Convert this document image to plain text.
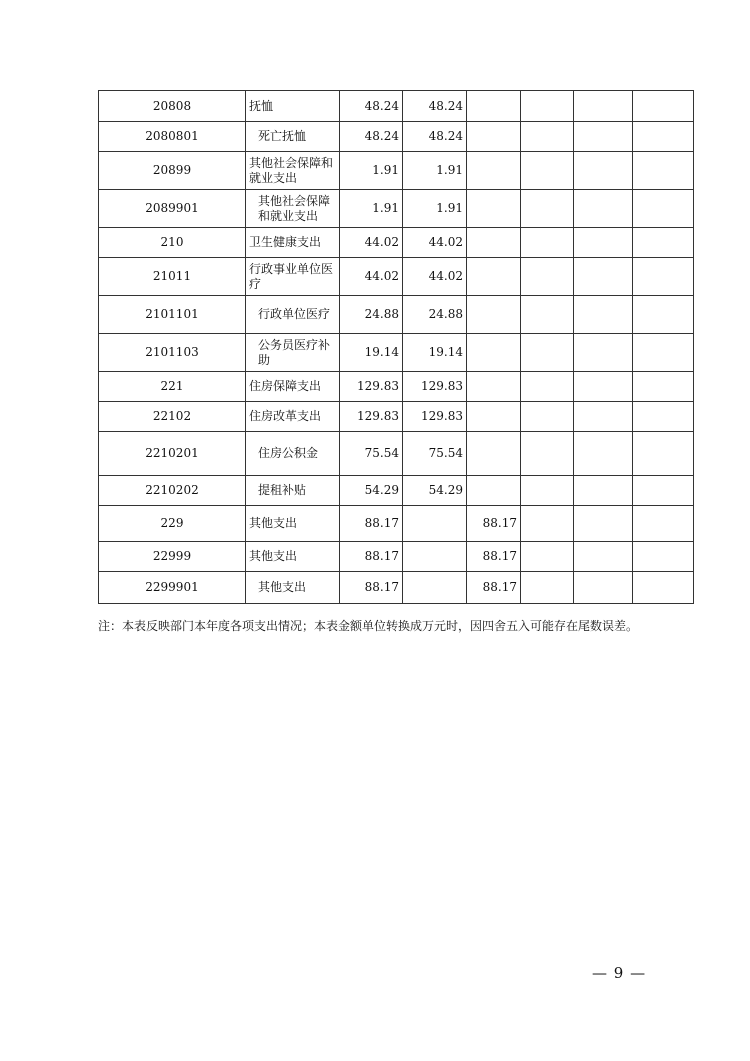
20808	抚恤	48.24	48.24				
2080801	死亡抚恤	48.24	48.24				
20899	其他社会保障和就业支出	1.91	1.91				
2089901	其他社会保障和就业支出	1.91	1.91				
210	卫生健康支出	44.02	44.02				
21011	行政事业单位医疗	44.02	44.02				
2101101	行政单位医疗	24.88	24.88				
2101103	公务员医疗补助	19.14	19.14				
221	住房保障支出	129.83	129.83				
22102	住房改革支出	129.83	129.83				
2210201	住房公积金	75.54	75.54				
2210202	提租补贴	54.29	54.29				
229	其他支出	88.17		88.17			
22999	其他支出	88.17		88.17			
2299901	其他支出	88.17		88.17			

注：本表反映部门本年度各项支出情况；本表金额单位转换成万元时，因四舍五入可能存在尾数误差。

— 9 —
